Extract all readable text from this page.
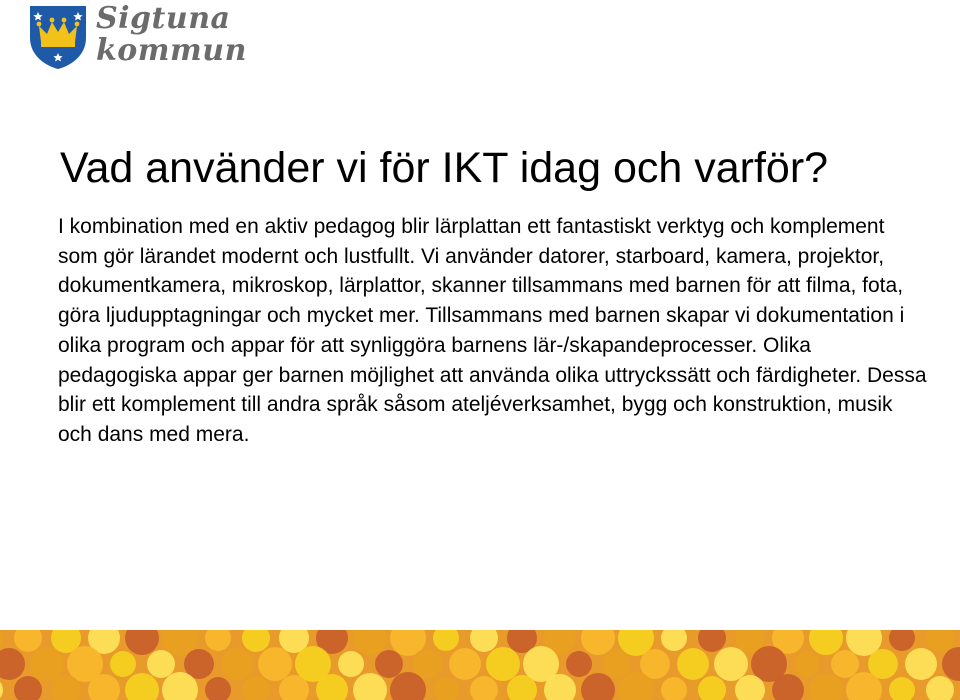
Sigtuna
kommun
Vad använder vi för IKT idag och varför?

I kombination med en aktiv pedagog blir lärplattan ett fantastiskt verktyg och komplement som gör lärandet modernt och lustfullt. Vi använder datorer, starboard, kamera, projektor, dokumentkamera, mikroskop, lärplattor, skanner tillsammans med barnen för att filma, fota, göra ljudupptagningar och mycket mer. Tillsammans med barnen skapar vi dokumentation i olika program och appar för att synliggöra barnens lär-/skapandeprocesser. Olika pedagogiska appar ger barnen möjlighet att använda olika uttryckssätt och färdigheter. Dessa blir ett komplement till andra språk såsom ateljéverksamhet, bygg och konstruktion, musik och dans med mera.
